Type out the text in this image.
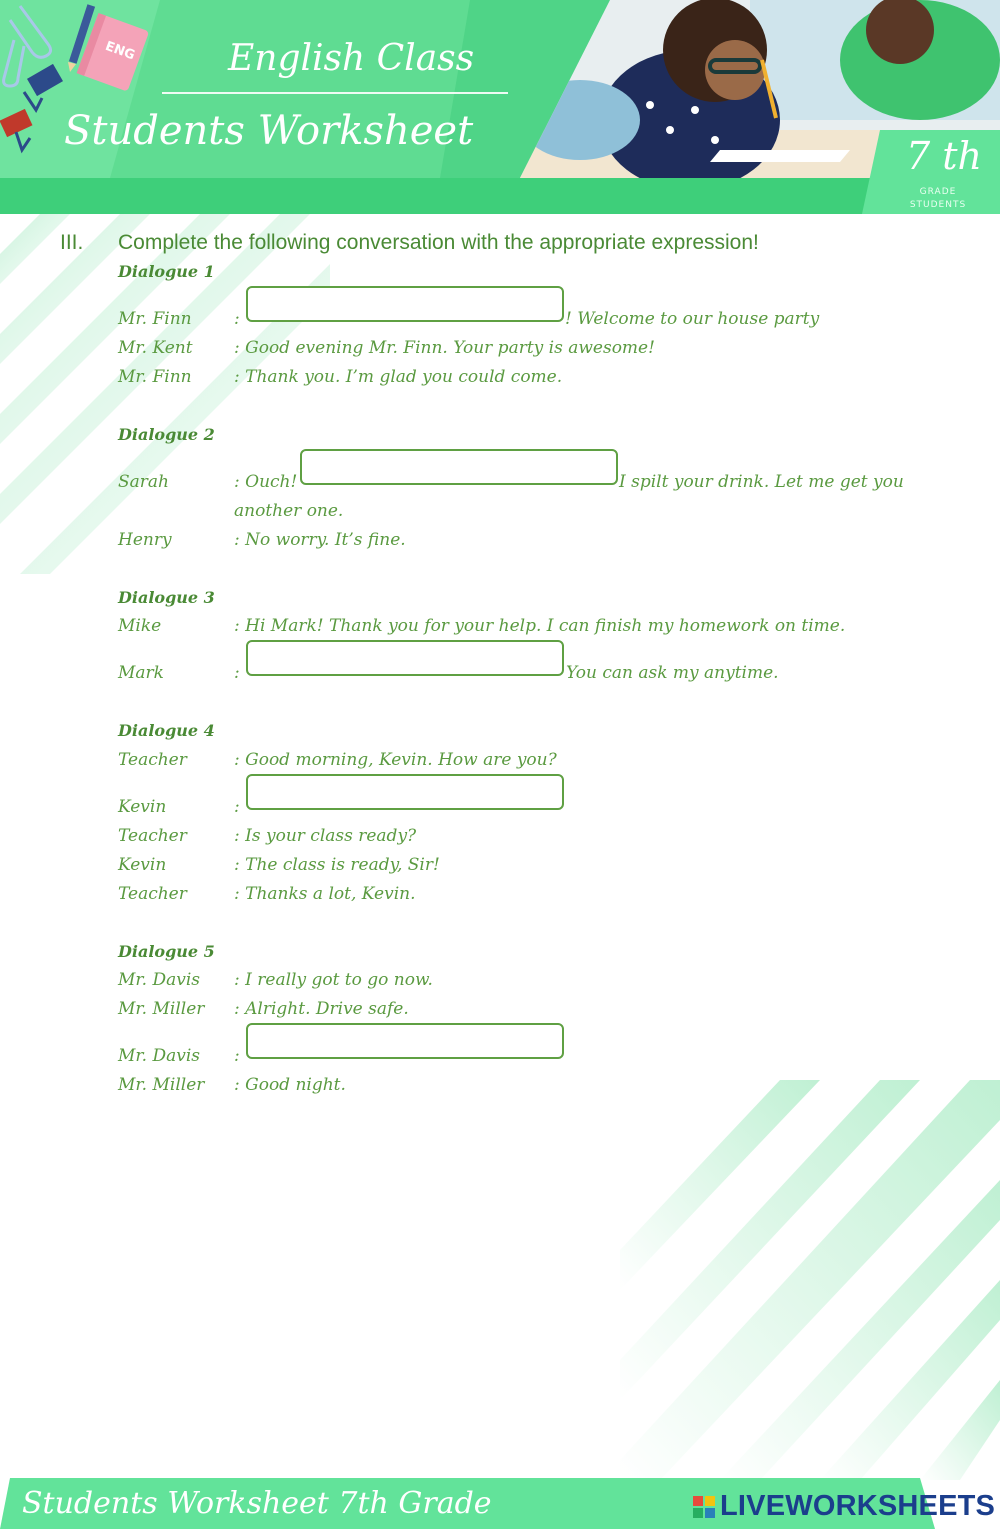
ENG	English Class
Students Worksheet
7 th
GRADE
STUDENTS
III. Complete the following conversation with the appropriate expression!
Dialogue 1
Mr. Finn :	! Welcome to our house party
Mr. Kent : Good evening Mr. Finn. Your party is awesome!
Mr. Finn : Thank you. I’m glad you could come.
Dialogue 2
Sarah	: Ouch!	I spilt your drink. Let me get you
another one.
Henry	: No worry. It’s fine.
Dialogue 3
Mike	: Hi Mark! Thank you for your help. I can finish my homework on time.
Mark	:	You can ask my anytime.
Dialogue 4
Teacher	: Good morning, Kevin. How are you?
Kevin	:
Teacher	: Is your class ready?
Kevin	: The class is ready, Sir!
Teacher	: Thanks a lot, Kevin.
Dialogue 5
Mr. Davis : I really got to go now.
Mr. Miller : Alright. Drive safe.
Mr. Davis :
Mr. Miller : Good night.
Students Worksheet 7th Grade	LIVEWORKSHEETS
